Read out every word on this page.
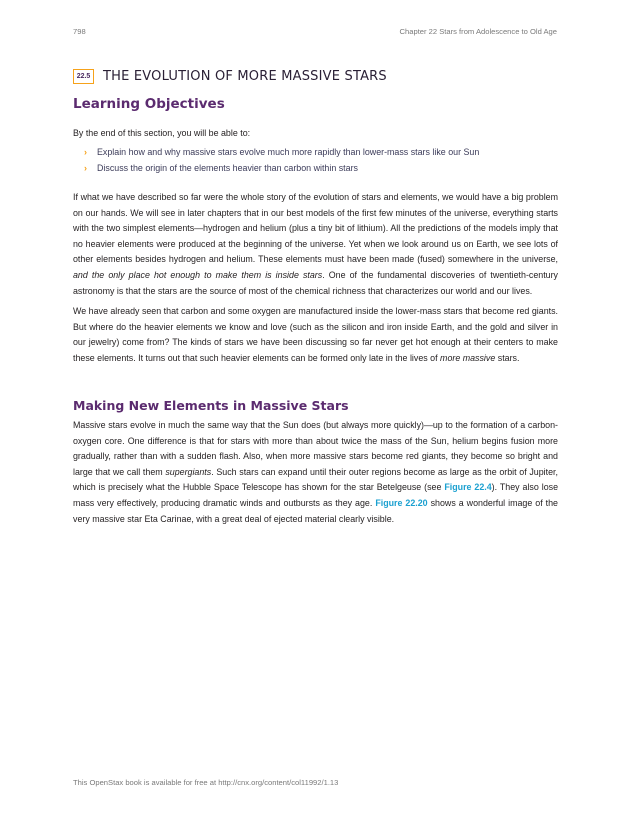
798	Chapter 22 Stars from Adolescence to Old Age
22.5 THE EVOLUTION OF MORE MASSIVE STARS
Learning Objectives
By the end of this section, you will be able to:
› Explain how and why massive stars evolve much more rapidly than lower-mass stars like our Sun
› Discuss the origin of the elements heavier than carbon within stars

If what we have described so far were the whole story of the evolution of stars and elements, we would have a big problem on our hands. We will see in later chapters that in our best models of the first few minutes of the universe, everything starts with the two simplest elements—hydrogen and helium (plus a tiny bit of lithium). All the predictions of the models imply that no heavier elements were produced at the beginning of the universe. Yet when we look around us on Earth, we see lots of other elements besides hydrogen and helium. These elements must have been made (fused) somewhere in the universe, and the only place hot enough to make them is inside stars. One of the fundamental discoveries of twentieth-century astronomy is that the stars are the source of most of the chemical richness that characterizes our world and our lives.

We have already seen that carbon and some oxygen are manufactured inside the lower-mass stars that become red giants. But where do the heavier elements we know and love (such as the silicon and iron inside Earth, and the gold and silver in our jewelry) come from? The kinds of stars we have been discussing so far never get hot enough at their centers to make these elements. It turns out that such heavier elements can be formed only late in the lives of more massive stars.

Making New Elements in Massive Stars

Massive stars evolve in much the same way that the Sun does (but always more quickly)—up to the formation of a carbon-oxygen core. One difference is that for stars with more than about twice the mass of the Sun, helium begins fusion more gradually, rather than with a sudden flash. Also, when more massive stars become red giants, they become so bright and large that we call them supergiants. Such stars can expand until their outer regions become as large as the orbit of Jupiter, which is precisely what the Hubble Space Telescope has shown for the star Betelgeuse (see Figure 22.4). They also lose mass very effectively, producing dramatic winds and outbursts as they age. Figure 22.20 shows a wonderful image of the very massive star Eta Carinae, with a great deal of ejected material clearly visible.

This OpenStax book is available for free at http://cnx.org/content/col11992/1.13
